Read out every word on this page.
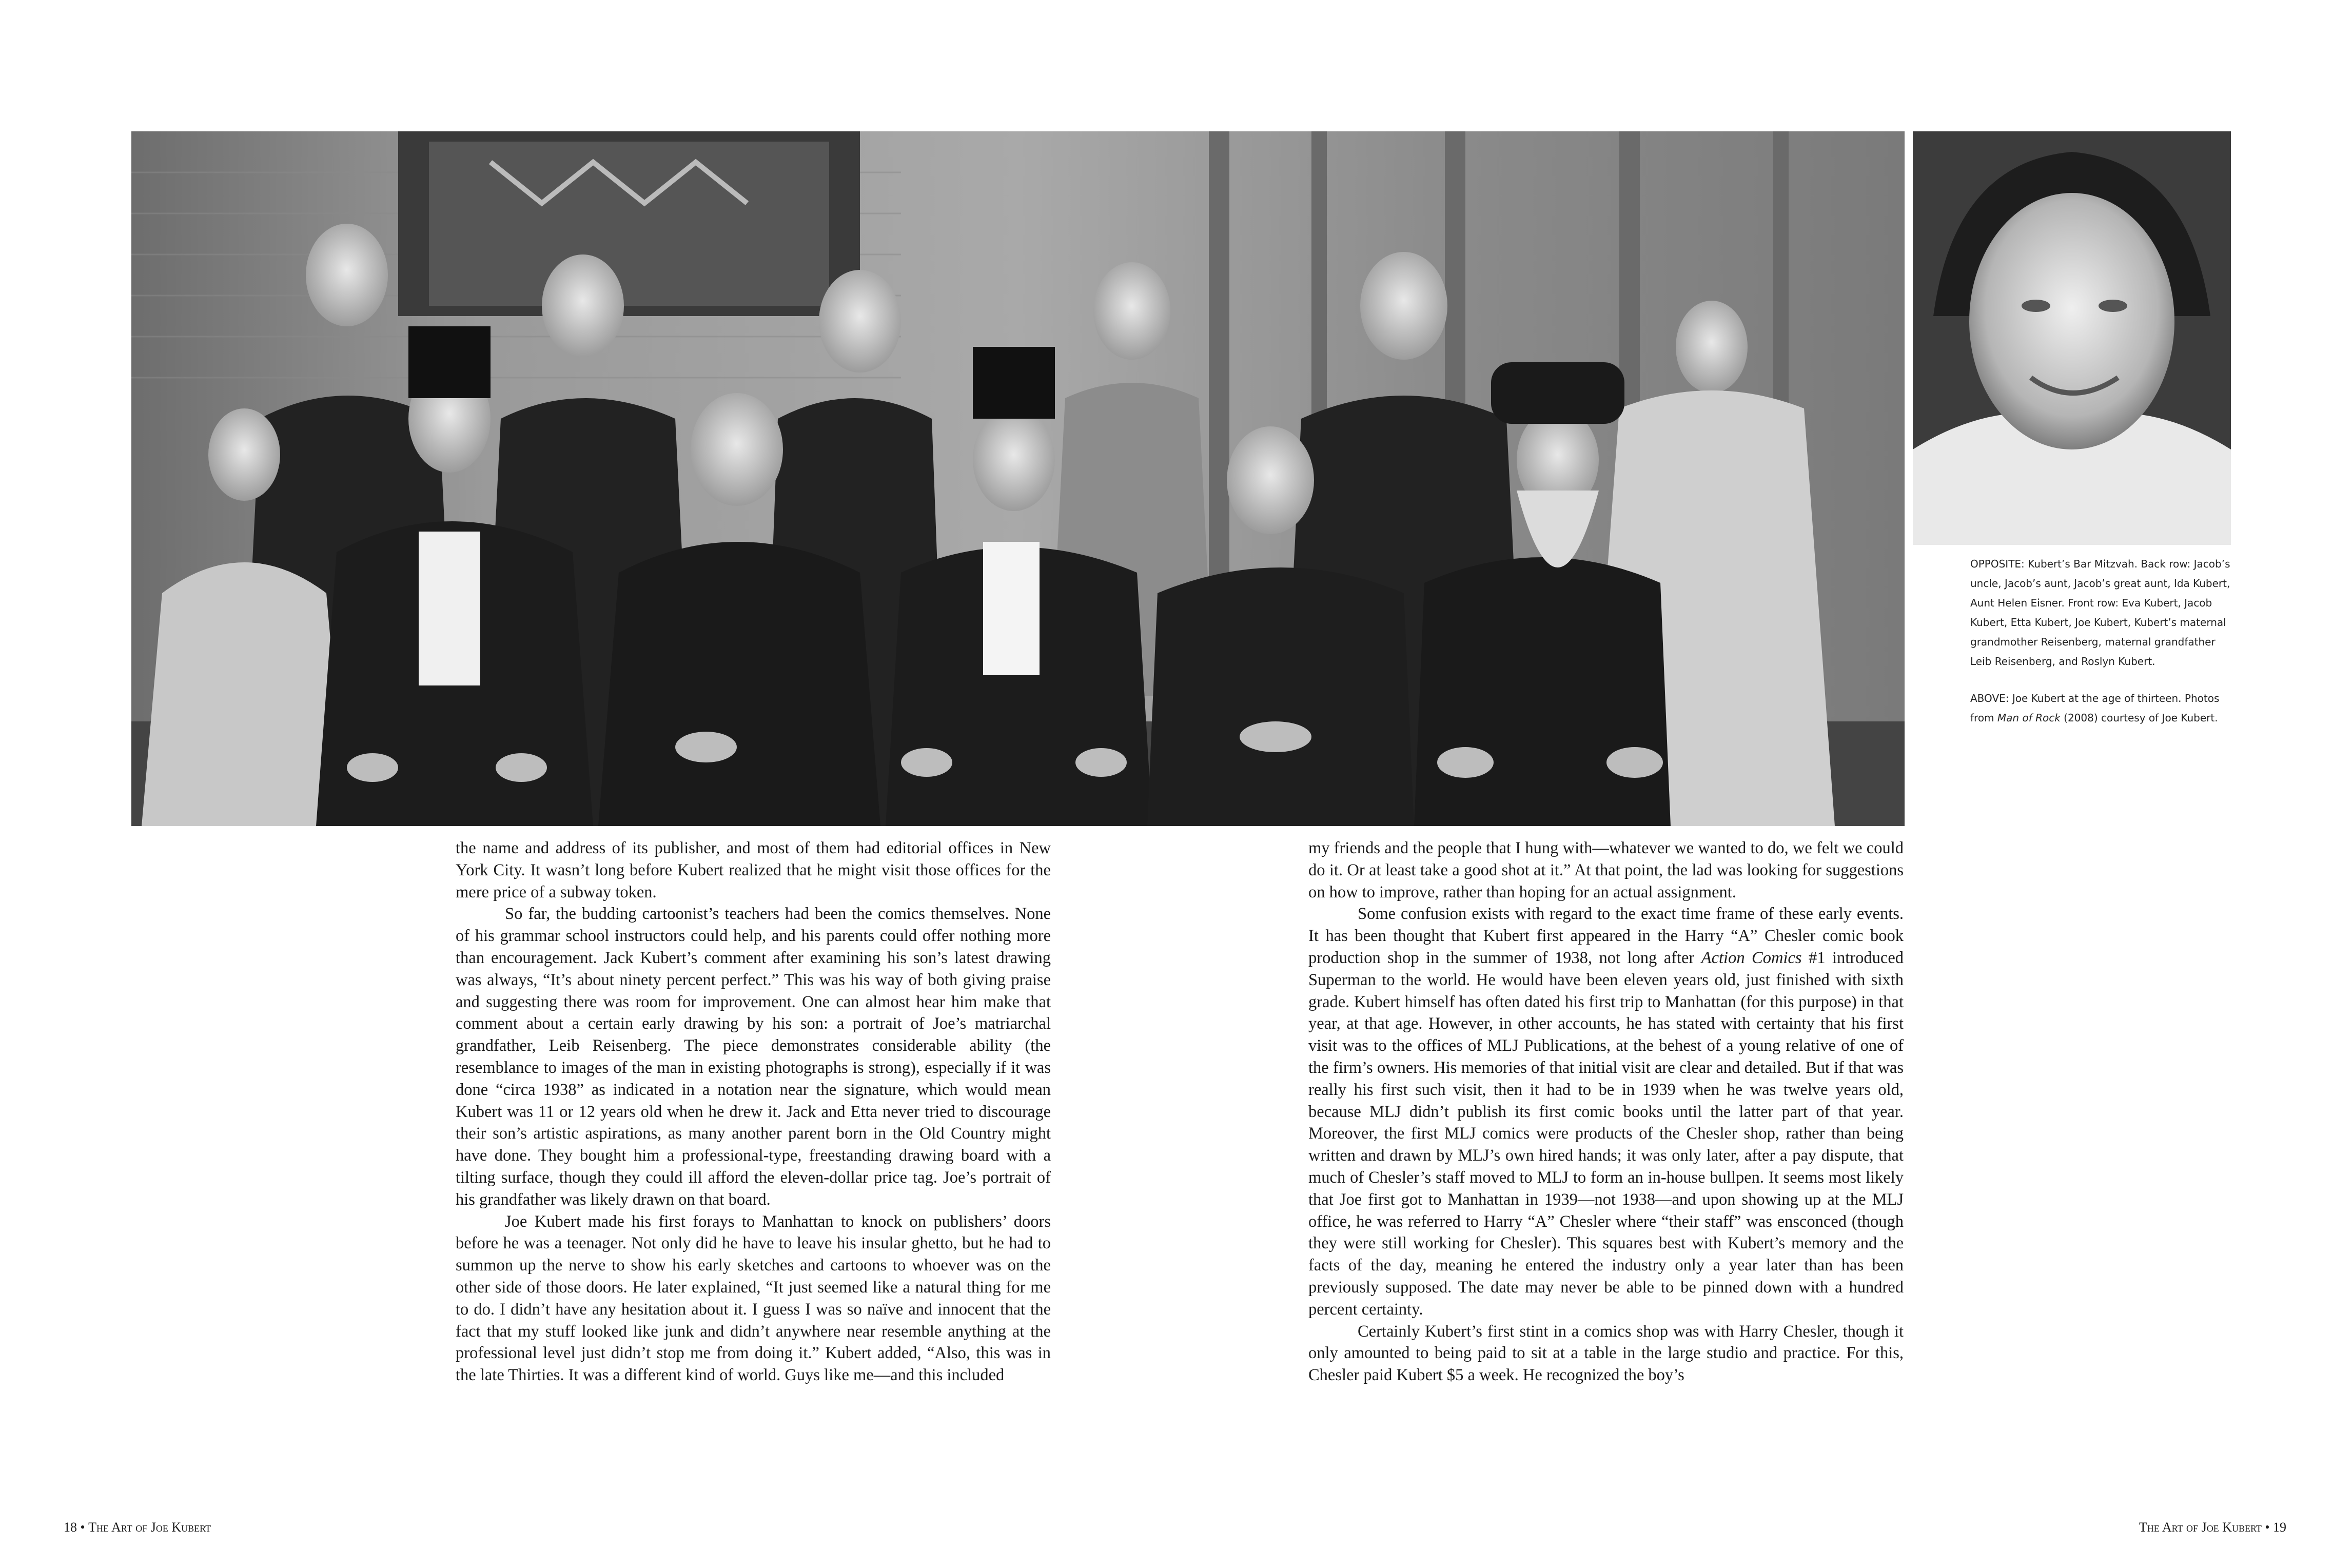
OPPOSITE: Kubert’s Bar Mitzvah. Back row: Jacob’s uncle, Jacob’s aunt, Jacob’s great aunt, Ida Kubert, Aunt Helen Eisner. Front row: Eva Kubert, Jacob Kubert, Etta Kubert, Joe Kubert, Kubert’s maternal grandmother Reisenberg, maternal grandfather Leib Reisenberg, and Roslyn Kubert.

ABOVE: Joe Kubert at the age of thirteen. Photos from Man of Rock (2008) courtesy of Joe Kubert.

the name and address of its publisher, and most of them had editorial offices in New York City. It wasn’t long before Kubert realized that he might visit those offices for the mere price of a subway token.

So far, the budding cartoonist’s teachers had been the comics themselves. None of his grammar school instructors could help, and his parents could offer nothing more than encouragement. Jack Kubert’s comment after examining his son’s latest drawing was always, “It’s about ninety percent perfect.” This was his way of both giving praise and suggesting there was room for improvement. One can almost hear him make that comment about a certain early drawing by his son: a portrait of Joe’s matriarchal grandfather, Leib Reisenberg. The piece demonstrates considerable ability (the resemblance to images of the man in existing photographs is strong), especially if it was done “circa 1938” as indicated in a notation near the signature, which would mean Kubert was 11 or 12 years old when he drew it. Jack and Etta never tried to discourage their son’s artistic aspirations, as many another parent born in the Old Country might have done. They bought him a professional-type, freestanding drawing board with a tilting surface, though they could ill afford the eleven-dollar price tag. Joe’s portrait of his grandfather was likely drawn on that board.

Joe Kubert made his first forays to Manhattan to knock on publishers’ doors before he was a teenager. Not only did he have to leave his insular ghetto, but he had to summon up the nerve to show his early sketches and cartoons to whoever was on the other side of those doors. He later explained, “It just seemed like a natural thing for me to do. I didn’t have any hesitation about it. I guess I was so naïve and innocent that the fact that my stuff looked like junk and didn’t anywhere near resemble anything at the professional level just didn’t stop me from doing it.” Kubert added, “Also, this was in the late Thirties. It was a different kind of world. Guys like me—and this included

my friends and the people that I hung with—whatever we wanted to do, we felt we could do it. Or at least take a good shot at it.” At that point, the lad was looking for suggestions on how to improve, rather than hoping for an actual assignment.

Some confusion exists with regard to the exact time frame of these early events. It has been thought that Kubert first appeared in the Harry “A” Chesler comic book production shop in the summer of 1938, not long after Action Comics #1 introduced Superman to the world. He would have been eleven years old, just finished with sixth grade. Kubert himself has often dated his first trip to Manhattan (for this purpose) in that year, at that age. However, in other accounts, he has stated with certainty that his first visit was to the offices of MLJ Publications, at the behest of a young relative of one of the firm’s owners. His memories of that initial visit are clear and detailed. But if that was really his first such visit, then it had to be in 1939 when he was twelve years old, because MLJ didn’t publish its first comic books until the latter part of that year. Moreover, the first MLJ comics were products of the Chesler shop, rather than being written and drawn by MLJ’s own hired hands; it was only later, after a pay dispute, that much of Chesler’s staff moved to MLJ to form an in-house bullpen. It seems most likely that Joe first got to Manhattan in 1939—not 1938—and upon showing up at the MLJ office, he was referred to Harry “A” Chesler where “their staff” was ensconced (though they were still working for Chesler). This squares best with Kubert’s memory and the facts of the day, meaning he entered the industry only a year later than has been previously supposed. The date may never be able to be pinned down with a hundred percent certainty.

Certainly Kubert’s first stint in a comics shop was with Harry Chesler, though it only amounted to being paid to sit at a table in the large studio and practice. For this, Chesler paid Kubert $5 a week. He recognized the boy’s

18 • The Art of Joe Kubert	The Art of Joe Kubert • 19
